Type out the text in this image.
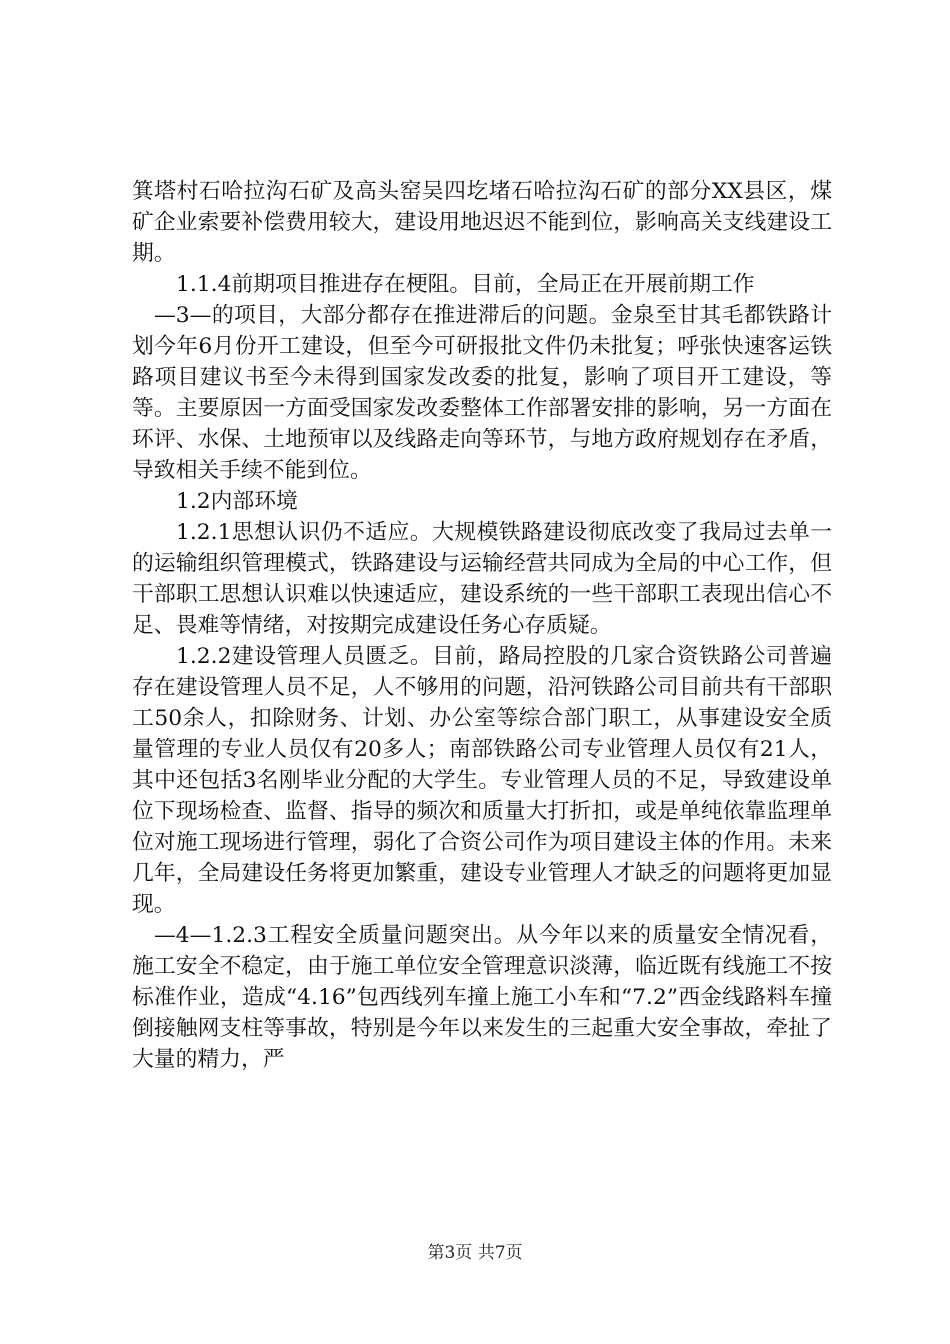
箕塔村石哈拉沟石矿及高头窑吴四圪堵石哈拉沟石矿的部分XX县区，煤矿企业索要补偿费用较大，建设用地迟迟不能到位，影响高关支线建设工期。

1.1.4前期项目推进存在梗阻。目前，全局正在开展前期工作

—3—的项目，大部分都存在推进滞后的问题。金泉至甘其毛都铁路计划今年6月份开工建设，但至今可研报批文件仍未批复；呼张快速客运铁路项目建议书至今未得到国家发改委的批复，影响了项目开工建设，等等。主要原因一方面受国家发改委整体工作部署安排的影响，另一方面在环评、水保、土地预审以及线路走向等环节，与地方政府规划存在矛盾，导致相关手续不能到位。

1.2内部环境

1.2.1思想认识仍不适应。大规模铁路建设彻底改变了我局过去单一的运输组织管理模式，铁路建设与运输经营共同成为全局的中心工作，但干部职工思想认识难以快速适应，建设系统的一些干部职工表现出信心不足、畏难等情绪，对按期完成建设任务心存质疑。

1.2.2建设管理人员匮乏。目前，路局控股的几家合资铁路公司普遍存在建设管理人员不足，人不够用的问题，沿河铁路公司目前共有干部职工50余人，扣除财务、计划、办公室等综合部门职工，从事建设安全质量管理的专业人员仅有20多人；南部铁路公司专业管理人员仅有21人，其中还包括3名刚毕业分配的大学生。专业管理人员的不足，导致建设单位下现场检查、监督、指导的频次和质量大打折扣，或是单纯依靠监理单位对施工现场进行管理，弱化了合资公司作为项目建设主体的作用。未来几年，全局建设任务将更加繁重，建设专业管理人才缺乏的问题将更加显现。

—4—1.2.3工程安全质量问题突出。从今年以来的质量安全情况看，施工安全不稳定，由于施工单位安全管理意识淡薄，临近既有线施工不按标准作业，造成“4.16”包西线列车撞上施工小车和“7.2”西金线路料车撞倒接触网支柱等事故，特别是今年以来发生的三起重大安全事故，牵扯了大量的精力，严

第3页 共7页
